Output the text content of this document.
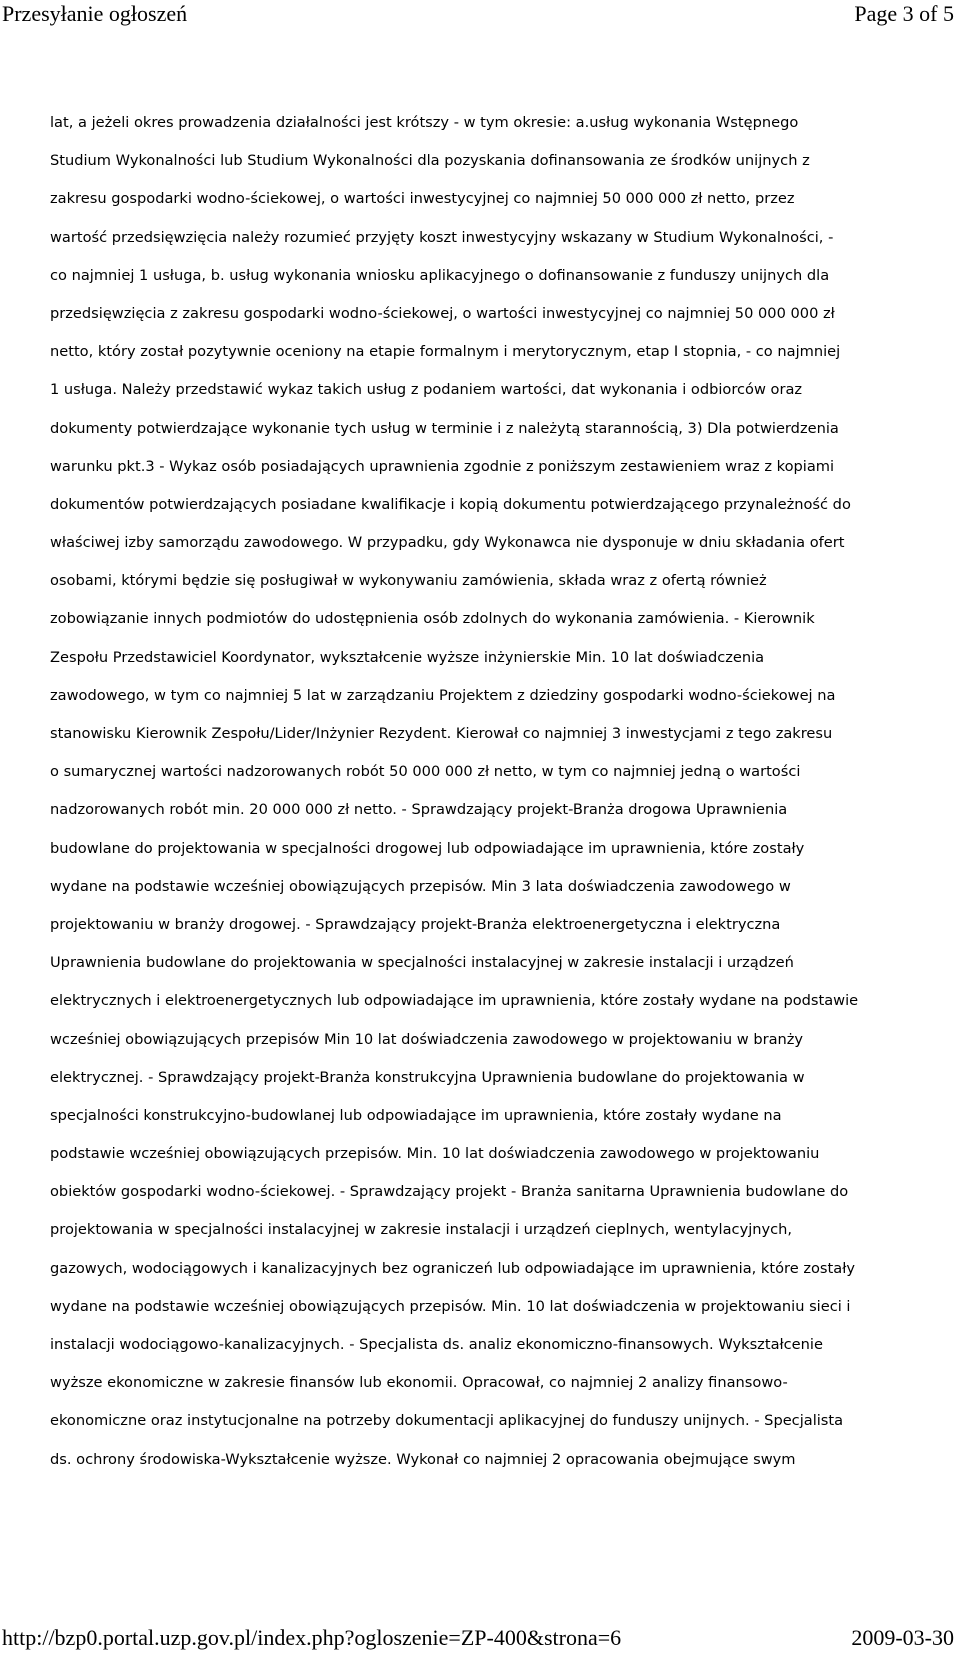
Przesyłanie ogłoszeń	Page 3 of 5
lat, a jeżeli okres prowadzenia działalności jest krótszy - w tym okresie: a.usług wykonania Wstępnego
Studium Wykonalności lub Studium Wykonalności dla pozyskania dofinansowania ze środków unijnych z
zakresu gospodarki wodno-ściekowej, o wartości inwestycyjnej co najmniej 50 000 000 zł netto, przez
wartość przedsięwzięcia należy rozumieć przyjęty koszt inwestycyjny wskazany w Studium Wykonalności, -
co najmniej 1 usługa, b. usług wykonania wniosku aplikacyjnego o dofinansowanie z funduszy unijnych dla
przedsięwzięcia z zakresu gospodarki wodno-ściekowej, o wartości inwestycyjnej co najmniej 50 000 000 zł
netto, który został pozytywnie oceniony na etapie formalnym i merytorycznym, etap I stopnia, - co najmniej
1 usługa. Należy przedstawić wykaz takich usług z podaniem wartości, dat wykonania i odbiorców oraz
dokumenty potwierdzające wykonanie tych usług w terminie i z należytą starannością, 3) Dla potwierdzenia
warunku pkt.3 - Wykaz osób posiadających uprawnienia zgodnie z poniższym zestawieniem wraz z kopiami
dokumentów potwierdzających posiadane kwalifikacje i kopią dokumentu potwierdzającego przynależność do
właściwej izby samorządu zawodowego. W przypadku, gdy Wykonawca nie dysponuje w dniu składania ofert
osobami, którymi będzie się posługiwał w wykonywaniu zamówienia, składa wraz z ofertą również
zobowiązanie innych podmiotów do udostępnienia osób zdolnych do wykonania zamówienia. - Kierownik
Zespołu Przedstawiciel Koordynator, wykształcenie wyższe inżynierskie Min. 10 lat doświadczenia
zawodowego, w tym co najmniej 5 lat w zarządzaniu Projektem z dziedziny gospodarki wodno-ściekowej na
stanowisku Kierownik Zespołu/Lider/Inżynier Rezydent. Kierował co najmniej 3 inwestycjami z tego zakresu
o sumarycznej wartości nadzorowanych robót 50 000 000 zł netto, w tym co najmniej jedną o wartości
nadzorowanych robót min. 20 000 000 zł netto. - Sprawdzający projekt-Branża drogowa Uprawnienia
budowlane do projektowania w specjalności drogowej lub odpowiadające im uprawnienia, które zostały
wydane na podstawie wcześniej obowiązujących przepisów. Min 3 lata doświadczenia zawodowego w
projektowaniu w branży drogowej. - Sprawdzający projekt-Branża elektroenergetyczna i elektryczna
Uprawnienia budowlane do projektowania w specjalności instalacyjnej w zakresie instalacji i urządzeń
elektrycznych i elektroenergetycznych lub odpowiadające im uprawnienia, które zostały wydane na podstawie
wcześniej obowiązujących przepisów Min 10 lat doświadczenia zawodowego w projektowaniu w branży
elektrycznej. - Sprawdzający projekt-Branża konstrukcyjna Uprawnienia budowlane do projektowania w
specjalności konstrukcyjno-budowlanej lub odpowiadające im uprawnienia, które zostały wydane na
podstawie wcześniej obowiązujących przepisów. Min. 10 lat doświadczenia zawodowego w projektowaniu
obiektów gospodarki wodno-ściekowej. - Sprawdzający projekt - Branża sanitarna Uprawnienia budowlane do
projektowania w specjalności instalacyjnej w zakresie instalacji i urządzeń cieplnych, wentylacyjnych,
gazowych, wodociągowych i kanalizacyjnych bez ograniczeń lub odpowiadające im uprawnienia, które zostały
wydane na podstawie wcześniej obowiązujących przepisów. Min. 10 lat doświadczenia w projektowaniu sieci i
instalacji wodociągowo-kanalizacyjnych. - Specjalista ds. analiz ekonomiczno-finansowych. Wykształcenie
wyższe ekonomiczne w zakresie finansów lub ekonomii. Opracował, co najmniej 2 analizy finansowo-
ekonomiczne oraz instytucjonalne na potrzeby dokumentacji aplikacyjnej do funduszy unijnych. - Specjalista
ds. ochrony środowiska-Wykształcenie wyższe. Wykonał co najmniej 2 opracowania obejmujące swym
http://bzp0.portal.uzp.gov.pl/index.php?ogloszenie=ZP-400&strona=6	2009-03-30
